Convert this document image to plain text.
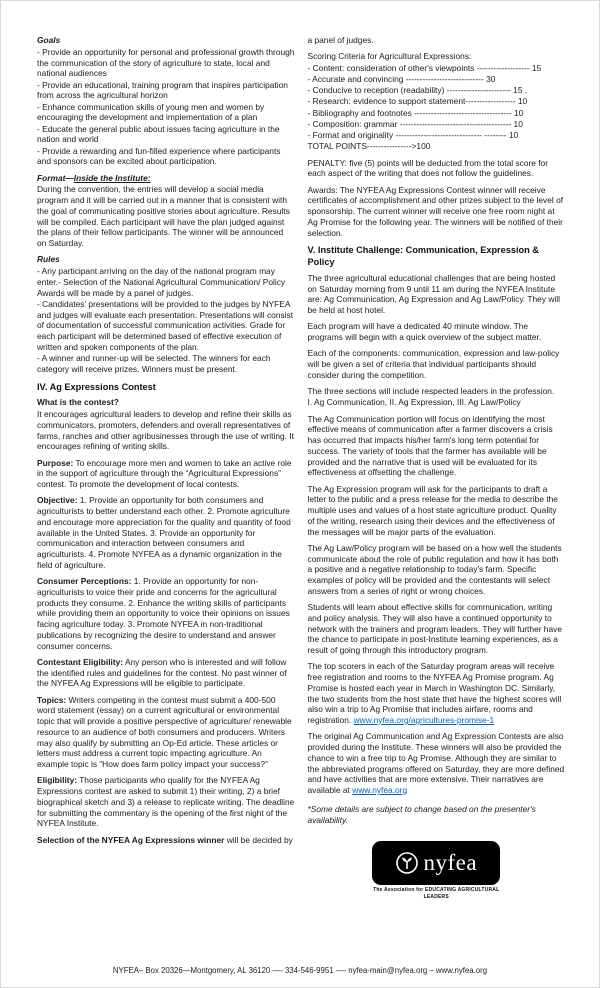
Goals

- Provide an opportunity for personal and professional growth through the communication of the story of agriculture to state, local and national audiences

- Provide an educational, training program that inspires participation from across the agricultural horizon

- Enhance communication skills of young men and women by encouraging the development and implementation of a plan

- Educate the general public about issues facing agriculture in the nation and world

- Provide a rewarding and fun-filled experience where participants and sponsors can be excited about participation.

Format—Inside the Institute:

During the convention, the entries will develop a social media program and it will be carried out in a manner that is consistent with the goal of communicating positive stories about agriculture. Results will be compiled. Each participant will have the plan judged against the plans of their fellow participants. The winner will be announced on Saturday.

Rules

- Any participant arriving on the day of the national program may enter.- Selection of the National Agricultural Communication/ Policy Awards will be made by a panel of judges.

- Candidates’ presentations will be provided to the judges by NYFEA and judges will evaluate each presentation. Presentations will consist of documentation of successful communication activities. Grade for each participant will be determined based of effective execution of written and spoken components of the plan.

- A winner and runner-up will be selected. The winners for each category will receive prizes. Winners must be present.

IV. Ag Expressions Contest

What is the contest?

It encourages agricultural leaders to develop and refine their skills as communicators, promoters, defenders and overall representatives of farms, ranches and other agribusinesses through the use of writing. It encourages refining of writing skills.

Purpose: To encourage more men and women to take an active role in the support of agriculture through the “Agricultural Expressions” contest. To promote the development of local contests.

Objective: 1. Provide an opportunity for both consumers and agriculturists to better understand each other. 2. Promote agriculture and encourage more appreciation for the quality and quantity of food available in the United States. 3. Provide an opportunity for communication and interaction between consumers and agriculturists. 4. Promote NYFEA as a dynamic organization in the field of agriculture.

Consumer Perceptions: 1. Provide an opportunity for non-agriculturists to voice their pride and concerns for the agricultural products they consume. 2. Enhance the writing skills of participants while providing them an opportunity to voice their opinions on issues facing agriculture today. 3. Promote NYFEA in non-traditional publications by recognizing the desire to understand and answer consumer concerns.

Contestant Eligibility: Any person who is interested and will follow the identified rules and guidelines for the contest. No past winner of the NYFEA Ag Expressions will be eligible to participate.

Topics: Writers competing in the contest must submit a 400-500 word statement (essay) on a current agricultural or environmental topic that will provide a positive perspective of agriculture/ renewable resource to an audience of both consumers and producers. Writers may also qualify by submitting an Op-Ed article. These articles or letters must address a current topic impacting agriculture. An example topic is “How does farm policy impact your success?”

Eligibility: Those participants who qualify for the NYFEA Ag Expressions contest are asked to submit 1) their writing, 2) a brief biographical sketch and 3) a release to replicate writing. The deadline for submitting the commentary is the opening of the first night of the NYFEA Institute.

Selection of the NYFEA Ag Expressions winner will be decided by

a panel of judges.

Scoring Criteria for Agricultural Expressions:

- Content: consideration of other's viewpoints ------------------- 15

- Accurate and convincing ---------------------------- 30

- Conducive to reception (readability) ----------------------- 15 .

- Research: evidence to support statement------------------ 10

- Bibliography and footnotes ----------------------------------- 10

- Composition: grammar ---------------------------------------- 10

- Format and originality ------------------------------- -------- 10

TOTAL POINTS---------------->100

PENALTY: five (5) points will be deducted from the total score for each aspect of the writing that does not follow the guidelines.

Awards: The NYFEA Ag Expressions Contest winner will receive certificates of accomplishment and other prizes subject to the level of sponsorship. The current winner will receive one free room night at Ag Promise for the following year. The winners will be notified of their selection.

V. Institute Challenge: Communication, Expression & Policy

The three agricultural educational challenges that are being hosted on Saturday morning from 9 until 11 am during the NYFEA Institute are: Ag Communication, Ag Expression and Ag Law/Policy. They will be held at host hotel.

Each program will have a dedicated 40 minute window. The programs will begin with a quick overview of the subject matter.

Each of the components: communication, expression and law-policy will be given a set of criteria that individual participants should consider during the competition.

The three sections will include respected leaders in the profession.

I. Ag Communication, II. Ag Expression, III. Ag Law/Policy

The Ag Communication portion will focus on identifying the most effective means of communication after a farmer discovers a crisis has occurred that impacts his/her farm's long term potential for success. The variety of tools that the farmer has available will be provided and the narrative that is used will be evaluated for its effectiveness at offsetting the challenge.

The Ag Expression program will ask for the participants to draft a letter to the public and a press release for the media to describe the multiple uses and values of a host state agriculture product. Quality of the writing, research using their devices and the effectiveness of the messages will be major parts of the evaluation.

The Ag Law/Policy program will be based on a how well the students communicate about the role of public regulation and how it has both a positive and a negative relationship to today's farm. Specific examples of policy will be provided and the contestants will select answers from a series of right or wrong choices.

Students will learn about effective skills for communication, writing and policy analysis. They will also have a continued opportunity to network with the trainers and program leaders. They will further have the chance to participate in post-Institute learning experiences, as a result of going through this introductory program.

The top scorers in each of the Saturday program areas will receive free registration and rooms to the NYFEA Ag Promise program. Ag Promise is hosted each year in March in Washington DC. Similarly, the two students from the host state that have the highest scores will also win a trip to Ag Promise that includes airfare, rooms and registration. www.nyfea.org/agricultures-promise-1

The original Ag Communication and Ag Expression Contests are also provided during the Institute. These winners will also be provided the chance to win a free trip to Ag Promise. Although they are similar to the abbreviated programs offered on Saturday, they are more defined and have activities that are more extensive. Their narratives are available at www.nyfea.org

*Some details are subject to change based on the presenter's availability.

nyfea
The Association for EDUCATING AGRICULTURAL LEADERS
NYFEA– Box 20326—Montgomery, AL 36120 —- 334-546-9951 -— nyfea-main@nyfea.org – www.nyfea.org
